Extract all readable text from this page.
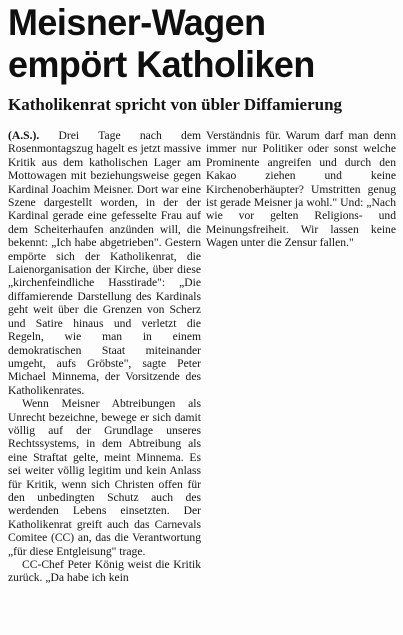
Meisner-Wagen
empört Katholiken
Katholikenrat spricht von übler Diffamierung

(A.S.). Drei Tage nach dem Rosenmontagszug hagelt es jetzt massive Kritik aus dem katholischen Lager am Mottowagen mit beziehungsweise gegen Kardinal Joachim Meisner. Dort war eine Szene dargestellt worden, in der der Kardinal gerade eine gefesselte Frau auf dem Scheiterhaufen anzünden will, die bekennt: „Ich habe abgetrieben". Gestern empörte sich der Katholikenrat, die Laienorganisation der Kirche, über diese „kirchenfeindliche Hasstirade": „Die diffamierende Darstellung des Kardinals geht weit über die Grenzen von Scherz und Satire hinaus und verletzt die Regeln, wie man in einem demokratischen Staat miteinander umgeht, aufs Gröbste", sagte Peter Michael Minnema, der Vorsitzende des Katholikenrates.

Wenn Meisner Abtreibungen als Unrecht bezeichne, bewege er sich damit völlig auf der Grundlage unseres Rechtssystems, in dem Abtreibung als eine Straftat gelte, meint Minnema. Es sei weiter völlig legitim und kein Anlass für Kritik, wenn sich Christen offen für den unbedingten Schutz auch des werdenden Lebens einsetzten. Der Katholikenrat greift auch das Carnevals Comitee (CC) an, das die Verantwortung „für diese Entgleisung" trage.

CC-Chef Peter König weist die Kritik zurück. „Da habe ich kein

Verständnis für. Warum darf man denn immer nur Politiker oder sonst welche Prominente angreifen und durch den Kakao ziehen und keine Kirchenoberhäupter? Umstritten genug ist gerade Meisner ja wohl." Und: „Nach wie vor gelten Religions- und Meinungsfreiheit. Wir lassen keine Wagen unter die Zensur fallen."
